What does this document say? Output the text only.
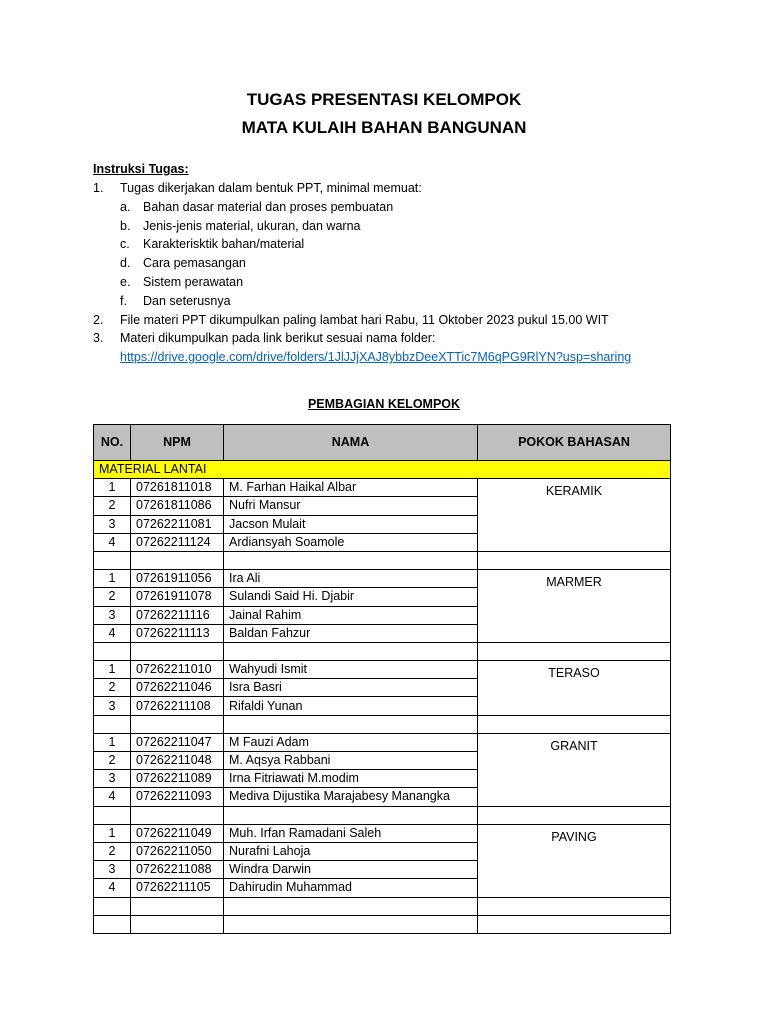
TUGAS PRESENTASI KELOMPOK
MATA KULAIH BAHAN BANGUNAN
Instruksi Tugas:
1. Tugas dikerjakan dalam bentuk PPT, minimal memuat:
a. Bahan dasar material dan proses pembuatan
b. Jenis-jenis material, ukuran, dan warna
c. Karakterisktik bahan/material
d. Cara pemasangan
e. Sistem perawatan
f. Dan seterusnya
2. File materi PPT dikumpulkan paling lambat hari Rabu, 11 Oktober 2023 pukul 15.00 WIT
3. Materi dikumpulkan pada link berikut sesuai nama folder:
https://drive.google.com/drive/folders/1JlJJjXAJ8ybbzDeeXTTic7M6qPG9RlYN?usp=sharing
PEMBAGIAN KELOMPOK
NO.	NPM	NAMA	POKOK BAHASAN
MATERIAL LANTAI			
1	07261811018	M. Farhan Haikal Albar	KERAMIK
2	07261811086	Nufri Mansur	
3	07262211081	Jacson Mulait	
4	07262211124	Ardiansyah Soamole	

1	07261911056	Ira Ali	MARMER
2	07261911078	Sulandi Said Hi. Djabir	
3	07262211116	Jainal Rahim	
4	07262211113	Baldan Fahzur	

1	07262211010	Wahyudi Ismit	TERASO
2	07262211046	Isra Basri	
3	07262211108	Rifaldi Yunan	

1	07262211047	M Fauzi Adam	GRANIT
2	07262211048	M. Aqsya Rabbani	
3	07262211089	Irna Fitriawati M.modim	
4	07262211093	Mediva Dijustika Marajabesy Manangka	

1	07262211049	Muh. Irfan Ramadani Saleh	PAVING
2	07262211050	Nurafni Lahoja	
3	07262211088	Windra Darwin	
4	07262211105	Dahirudin Muhammad	
